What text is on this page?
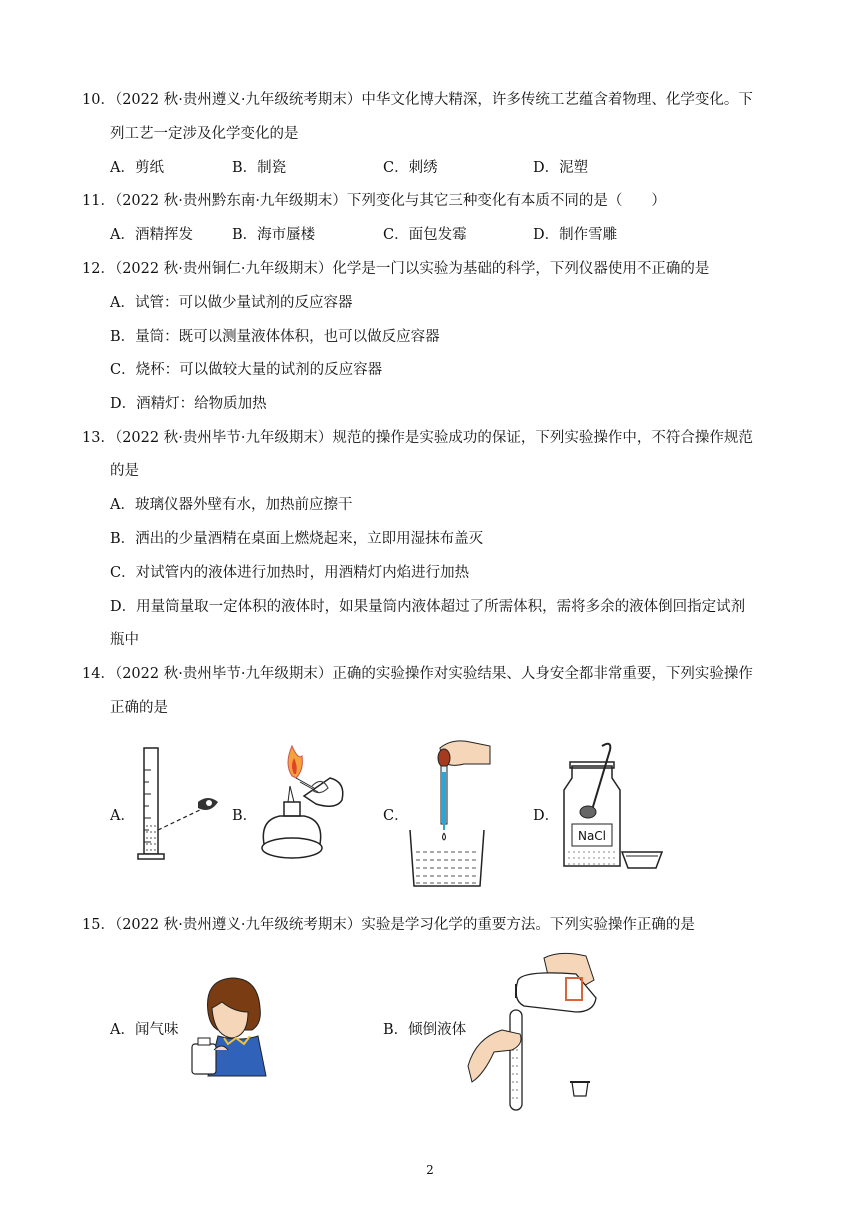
10．（2022 秋·贵州遵义·九年级统考期末）中华文化博大精深，许多传统工艺蕴含着物理、化学变化。下
列工艺一定涉及化学变化的是
A．剪纸	B．制瓷	C．刺绣	D．泥塑
11．（2022 秋·贵州黔东南·九年级期末）下列变化与其它三种变化有本质不同的是（　　）
A．酒精挥发	B．海市蜃楼	C．面包发霉	D．制作雪雕
12．（2022 秋·贵州铜仁·九年级期末）化学是一门以实验为基础的科学，下列仪器使用不正确的是
A．试管：可以做少量试剂的反应容器
B．量筒：既可以测量液体体积，也可以做反应容器
C．烧杯：可以做较大量的试剂的反应容器
D．酒精灯：给物质加热
13．（2022 秋·贵州毕节·九年级期末）规范的操作是实验成功的保证，下列实验操作中，不符合操作规范
的是
A．玻璃仪器外壁有水，加热前应擦干
B．洒出的少量酒精在桌面上燃烧起来，立即用湿抹布盖灭
C．对试管内的液体进行加热时，用酒精灯内焰进行加热
D．用量筒量取一定体积的液体时，如果量筒内液体超过了所需体积，需将多余的液体倒回指定试剂
瓶中
14．（2022 秋·贵州毕节·九年级期末）正确的实验操作对实验结果、人身安全都非常重要，下列实验操作
正确的是
A．	B．	C．	D．
NaCl
15．（2022 秋·贵州遵义·九年级统考期末）实验是学习化学的重要方法。下列实验操作正确的是
A．闻气味	B．倾倒液体
2
